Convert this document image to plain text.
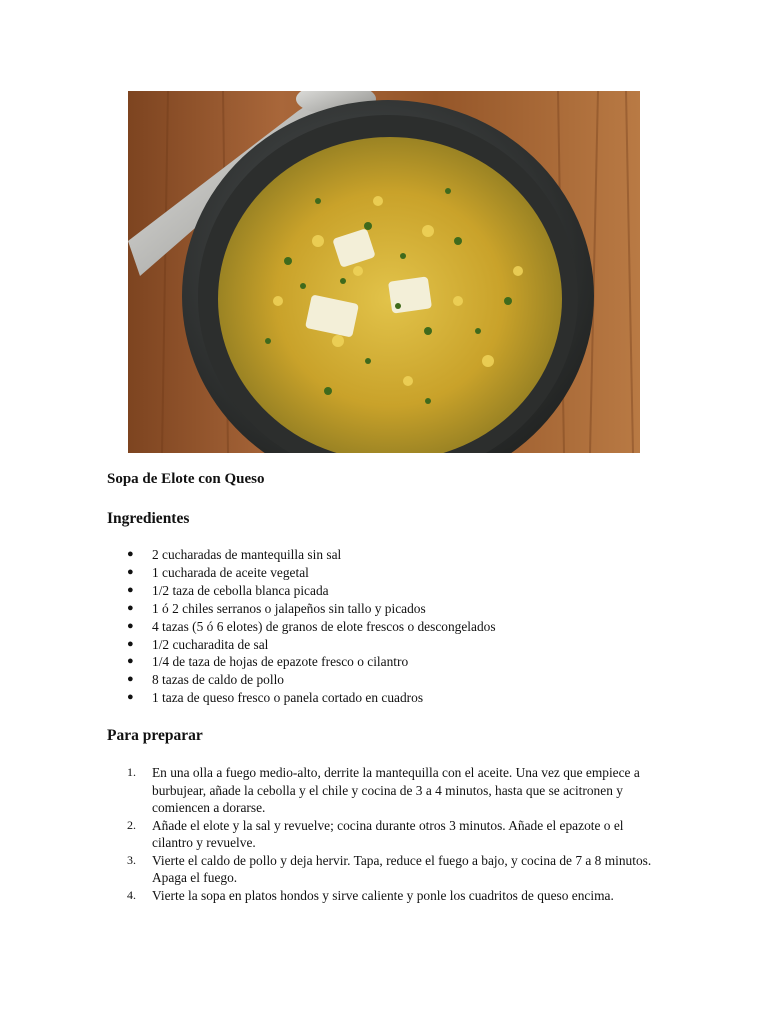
Sopa de Elote con Queso
Ingredientes
● 2 cucharadas de mantequilla sin sal
● 1 cucharada de aceite vegetal
● 1/2 taza de cebolla blanca picada
● 1 ó 2 chiles serranos o jalapeños sin tallo y picados
● 4 tazas (5 ó 6 elotes) de granos de elote frescos o descongelados
● 1/2 cucharadita de sal
● 1/4 de taza de hojas de epazote fresco o cilantro
● 8 tazas de caldo de pollo
● 1 taza de queso fresco o panela cortado en cuadros
Para preparar
1. En una olla a fuego medio-alto, derrite la mantequilla con el aceite. Una vez que empiece a burbujear, añade la cebolla y el chile y cocina de 3 a 4 minutos, hasta que se acitronen y comiencen a dorarse.
2. Añade el elote y la sal y revuelve; cocina durante otros 3 minutos. Añade el epazote o el cilantro y revuelve.
3. Vierte el caldo de pollo y deja hervir. Tapa, reduce el fuego a bajo, y cocina de 7 a 8 minutos. Apaga el fuego.
4. Vierte la sopa en platos hondos y sirve caliente y ponle los cuadritos de queso encima.
